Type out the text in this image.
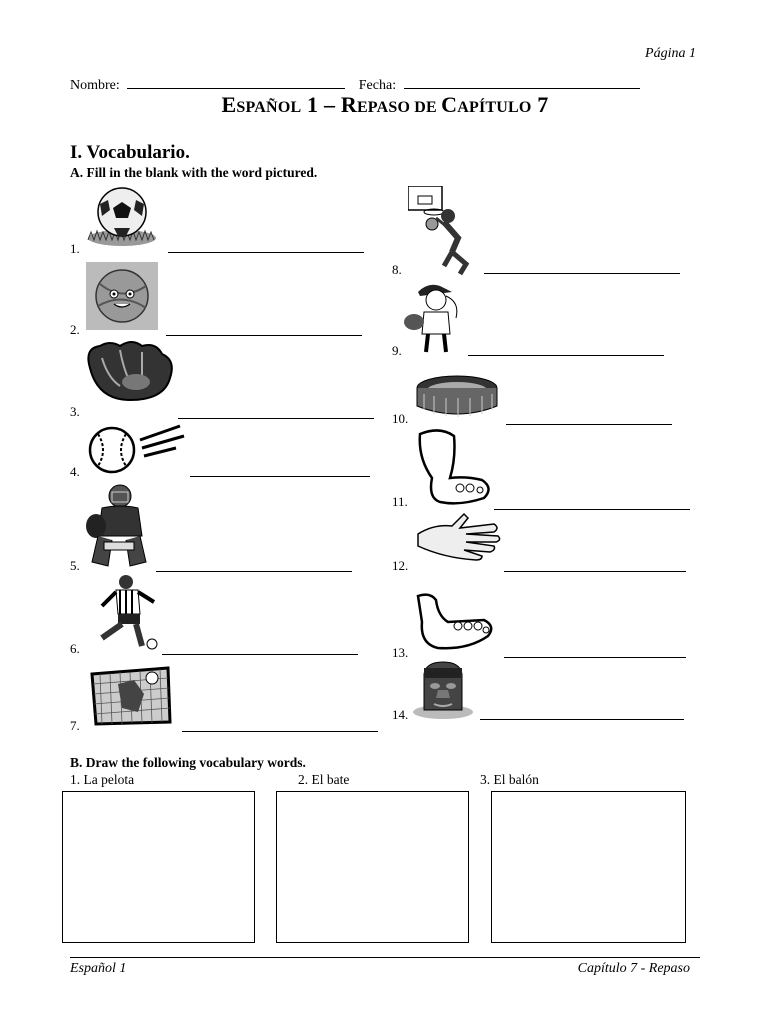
Página 1
Nombre:	Fecha:
ESPAÑOL 1 – REPASO DE CAPÍTULO 7
I. Vocabulario.
A. Fill in the blank with the word pictured.
1.
2.
3.
4.
5.
6.
7.
8.
9.
10.
11.
12.
13.
14.
B. Draw the following vocabulary words.
1. La pelota	2. El bate	3. El balón
Español 1	Capítulo 7 - Repaso
